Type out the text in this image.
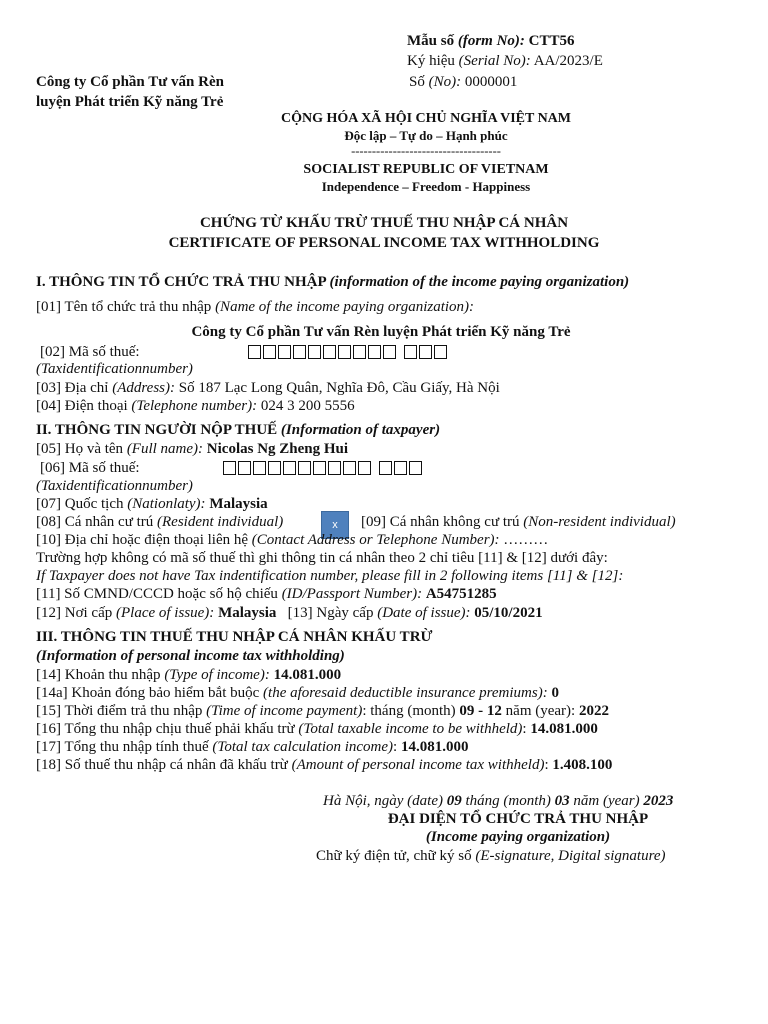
Mẫu số (form No): CTT56
Ký hiệu (Serial No): AA/2023/E
Số (No): 0000001
Công ty Cổ phần Tư vấn Rèn
luyện Phát triển Kỹ năng Trẻ
CỘNG HÓA XÃ HỘI CHỦ NGHĨA VIỆT NAM
Độc lập – Tự do – Hạnh phúc
------------------------------------
SOCIALIST REPUBLIC OF VIETNAM
Independence – Freedom - Happiness
CHỨNG TỪ KHẤU TRỪ THUẾ THU NHẬP CÁ NHÂN
CERTIFICATE OF PERSONAL INCOME TAX WITHHOLDING
I. THÔNG TIN TỔ CHỨC TRẢ THU NHẬP (information of the income paying organization)
[01] Tên tổ chức trả thu nhập (Name of the income paying organization):
Công ty Cổ phần Tư vấn Rèn luyện Phát triển Kỹ năng Trẻ
[02] Mã số thuế:
(Taxidentificationnumber)
[03] Địa chỉ (Address): Số 187 Lạc Long Quân, Nghĩa Đô, Cầu Giấy, Hà Nội
[04] Điện thoại (Telephone number): 024 3 200 5556
II. THÔNG TIN NGƯỜI NỘP THUẾ (Information of taxpayer)
[05] Họ và tên (Full name): Nicolas Ng Zheng Hui
[06] Mã số thuế:
(Taxidentificationnumber)
[07] Quốc tịch (Nationlaty): Malaysia
[08] Cá nhân cư trú (Resident individual)	x	[09] Cá nhân không cư trú (Non-resident individual)
[10] Địa chỉ hoặc điện thoại liên hệ (Contact Address or Telephone Number): ………
Trường hợp không có mã số thuế thì ghi thông tin cá nhân theo 2 chỉ tiêu [11] & [12] dưới đây:
If Taxpayer does not have Tax indentification number, please fill in 2 following items [11] & [12]:
[11] Số CMND/CCCD hoặc số hộ chiếu (ID/Passport Number): A54751285
[12] Nơi cấp (Place of issue): Malaysia [13] Ngày cấp (Date of issue): 05/10/2021
III. THÔNG TIN THUẾ THU NHẬP CÁ NHÂN KHẤU TRỪ
(Information of personal income tax withholding)
[14] Khoản thu nhập (Type of income): 14.081.000
[14a] Khoản đóng bảo hiểm bắt buộc (the aforesaid deductible insurance premiums): 0
[15] Thời điểm trả thu nhập (Time of income payment): tháng (month) 09 - 12 năm (year): 2022
[16] Tổng thu nhập chịu thuế phải khấu trừ (Total taxable income to be withheld): 14.081.000
[17] Tổng thu nhập tính thuế (Total tax calculation income): 14.081.000
[18] Số thuế thu nhập cá nhân đã khấu trừ (Amount of personal income tax withheld): 1.408.100
Hà Nội, ngày (date) 09 tháng (month) 03 năm (year) 2023
ĐẠI DIỆN TỔ CHỨC TRẢ THU NHẬP
(Income paying organization)
Chữ ký điện tử, chữ ký số (E-signature, Digital signature)
